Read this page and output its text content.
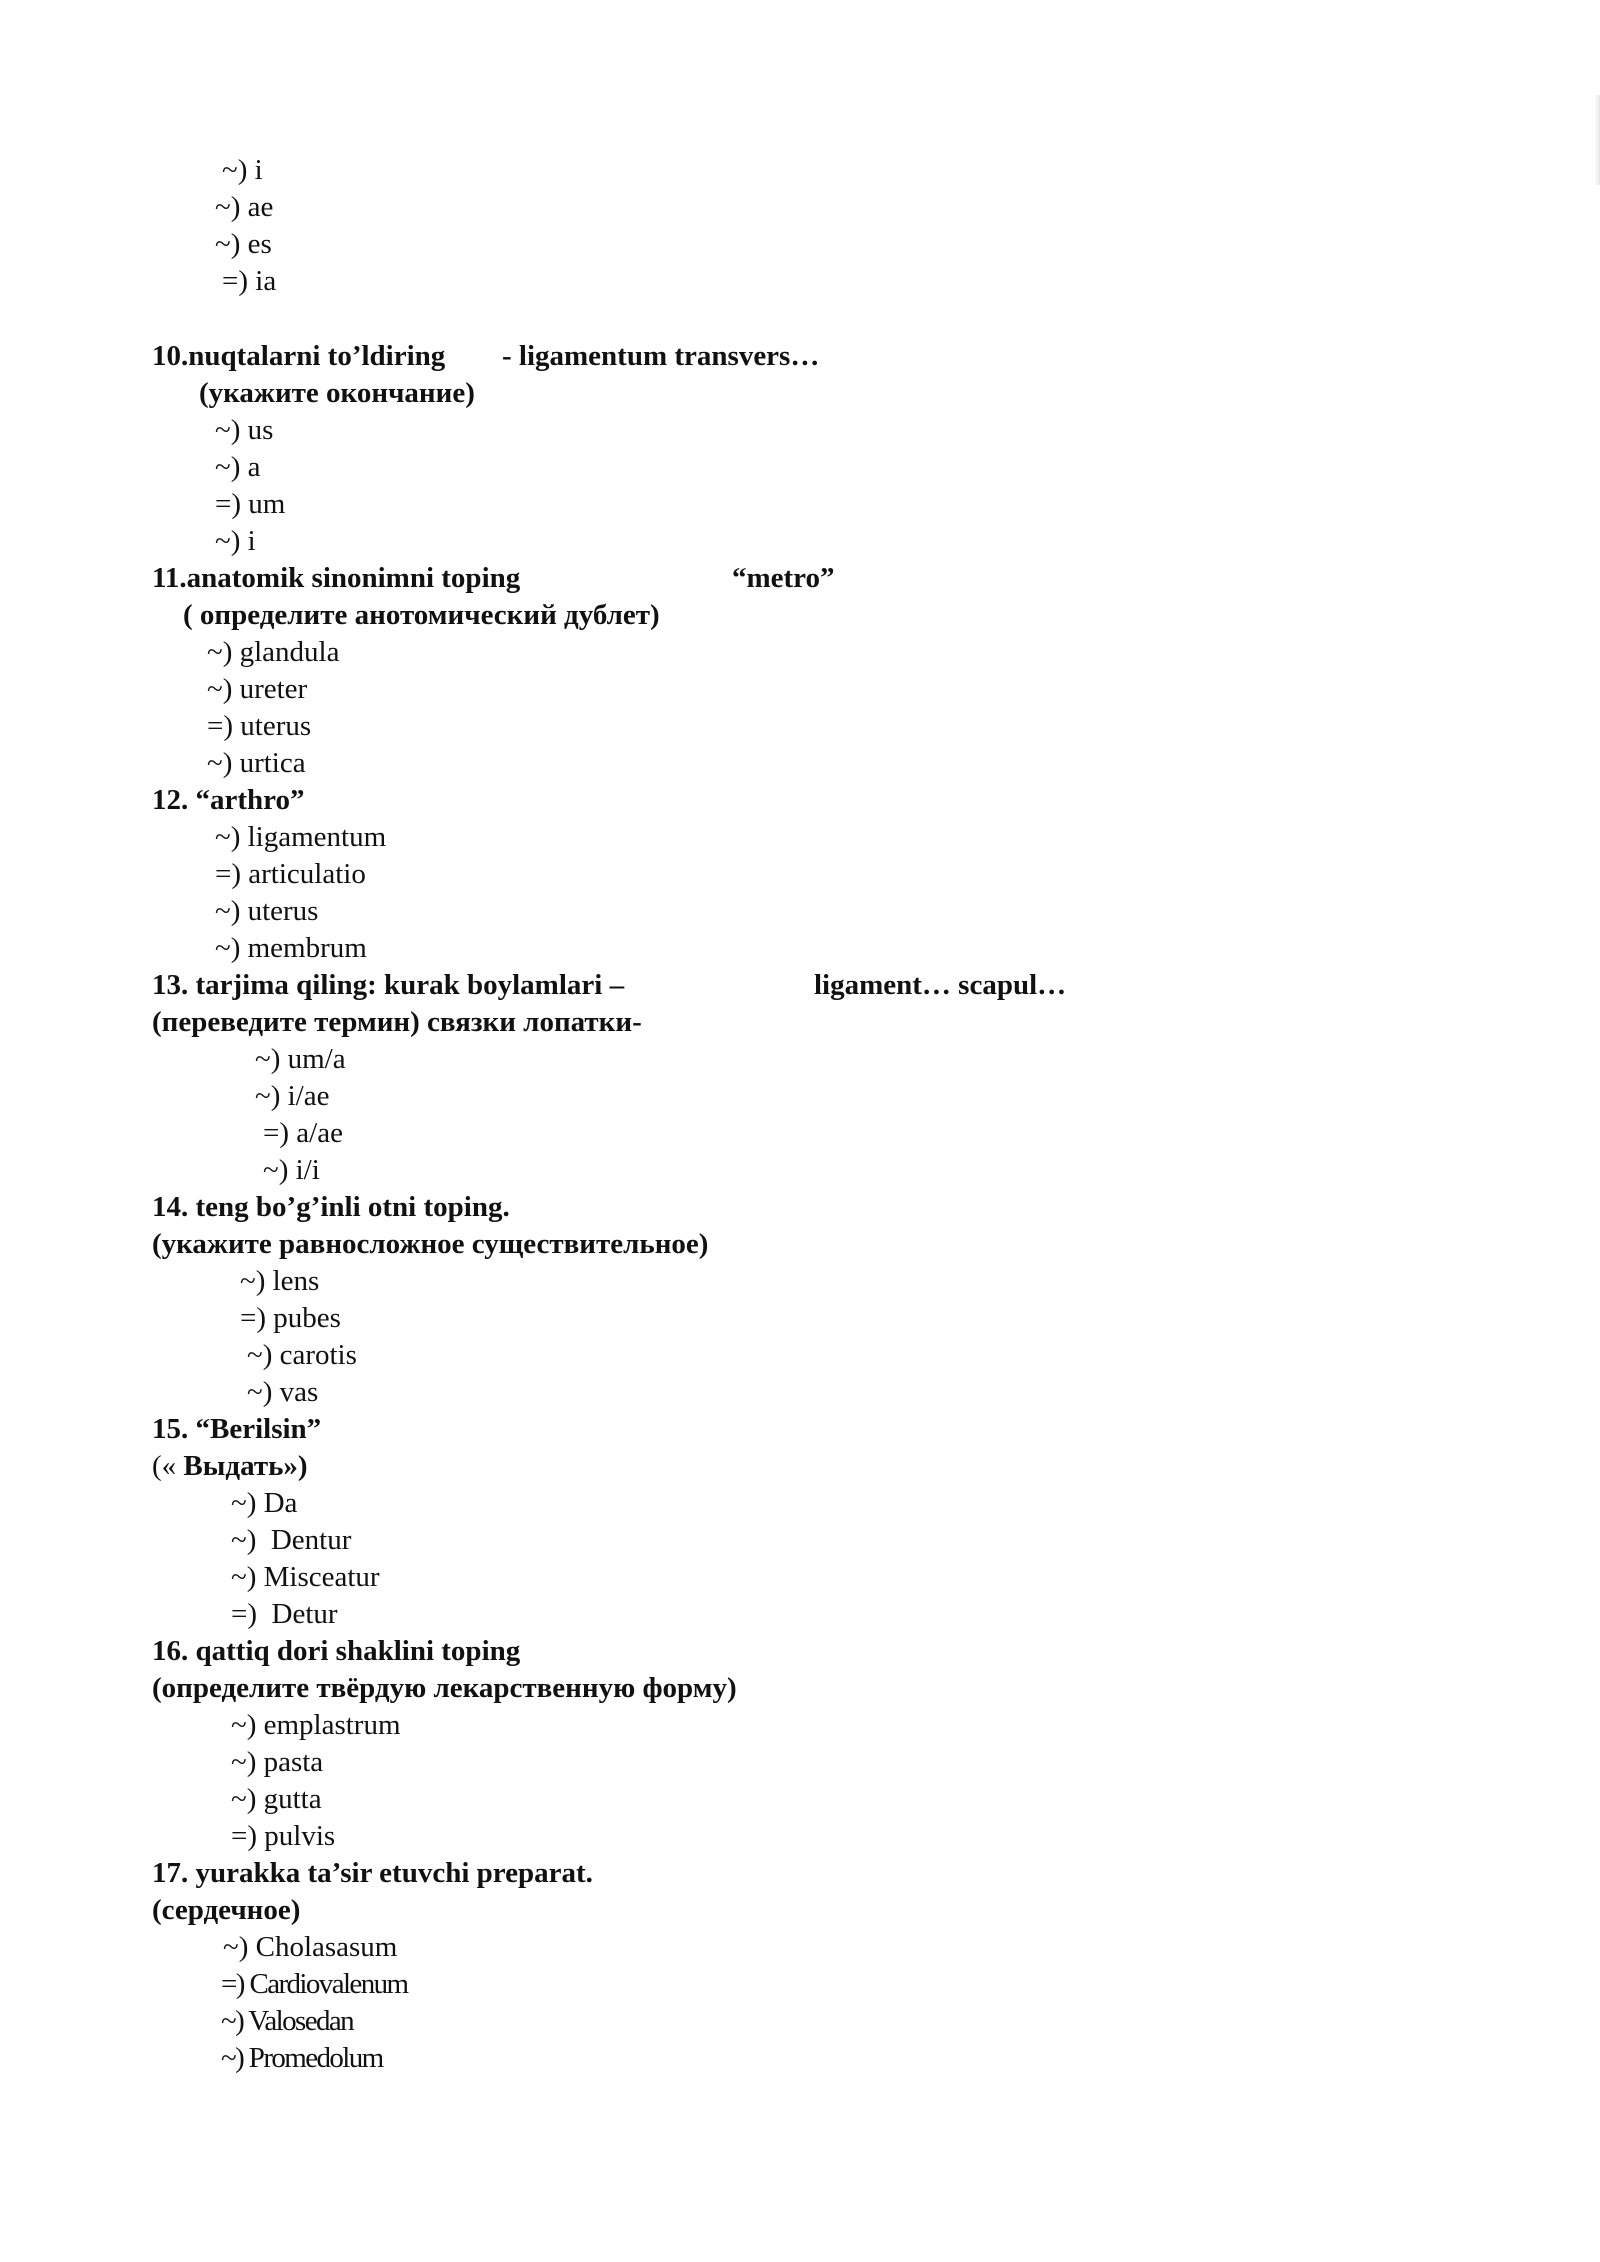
~) i

~) ae

~) es

=) ia

10.nuqtalarni to’ldiring - ligamentum transvers…

(укажите окончание)

~) us

~) a

=) um

~) i

11.anatomik sinonimni toping	“metro”

( определите анотомический дублет)

~) glandula

~) ureter

=) uterus

~) urtica

12. “arthro”

~) ligamentum

=) articulatio

~) uterus

~) membrum

13. tarjima qiling: kurak boylamlari –	ligament… scapul…

(переведите термин) связки лопатки-

~) um/a

~) i/ae

=) a/ae

~) i/i

14. teng bo’g’inli otni toping.

(укажите равносложное существительное)

~) lens

=) pubes

~) carotis

~) vas

15. “Berilsin”

(« Выдать»)

~) Da

~)  Dentur

~) Misceatur

=)  Detur

16. qattiq dori shaklini toping

(определите твёрдую лекарственную форму)

~) emplastrum

~) pasta

~) gutta

=) pulvis

17. yurakka ta’sir etuvchi preparat.

(сердечное)

~) Cholasasum

=) Cardiovalenum

~) Valosedan

~) Promedolum
